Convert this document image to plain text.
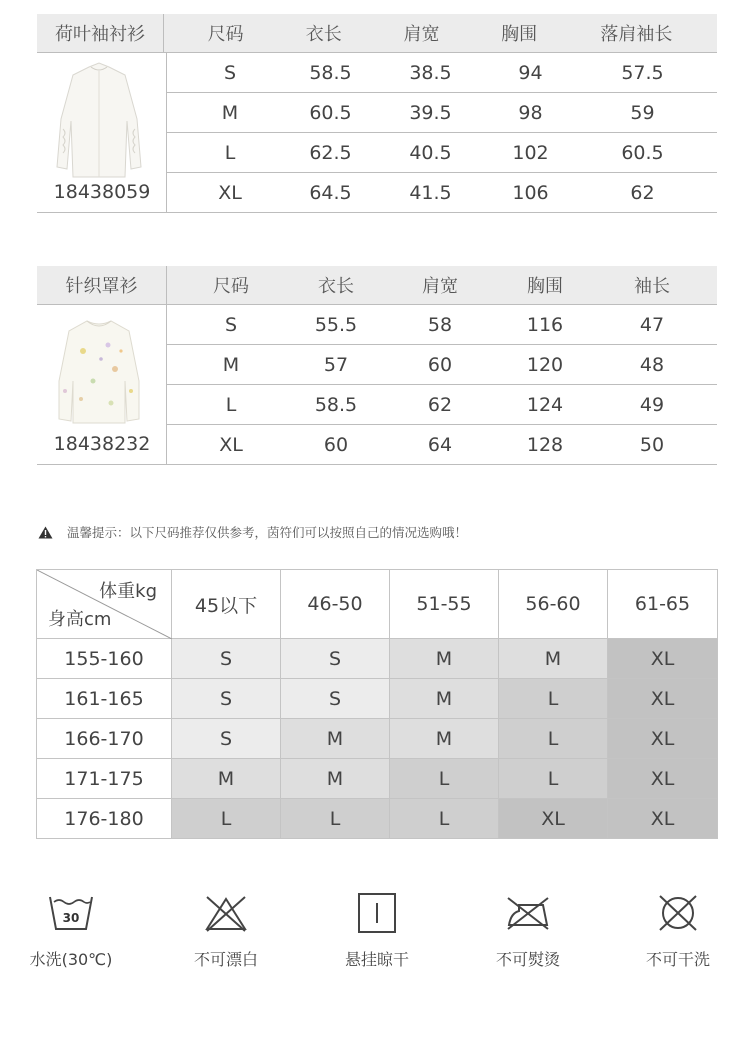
荷叶袖衬衫	尺码	衣长	肩宽	胸围	落肩袖长
18438059
S	58.5	38.5	94	57.5
M	60.5	39.5	98	59
L	62.5	40.5	102	60.5
XL	64.5	41.5	106	62
针织罩衫	尺码	衣长	肩宽	胸围	袖长
18438232
S	55.5	58	116	47
M	57	60	120	48
L	58.5	62	124	49
XL	60	64	128	50
温馨提示：以下尺码推荐仅供参考，茵符们可以按照自己的情况选购哦！
体重kg
身高cm	45以下	46-50	51-55	56-60	61-65
155-160	S	S	M	M	XL
161-165	S	S	M	L	XL
166-170	S	M	M	L	XL
171-175	M	M	L	L	XL
176-180	L	L	L	XL	XL
30
水洗(30℃)	不可漂白	悬挂晾干	不可熨烫	不可干洗
